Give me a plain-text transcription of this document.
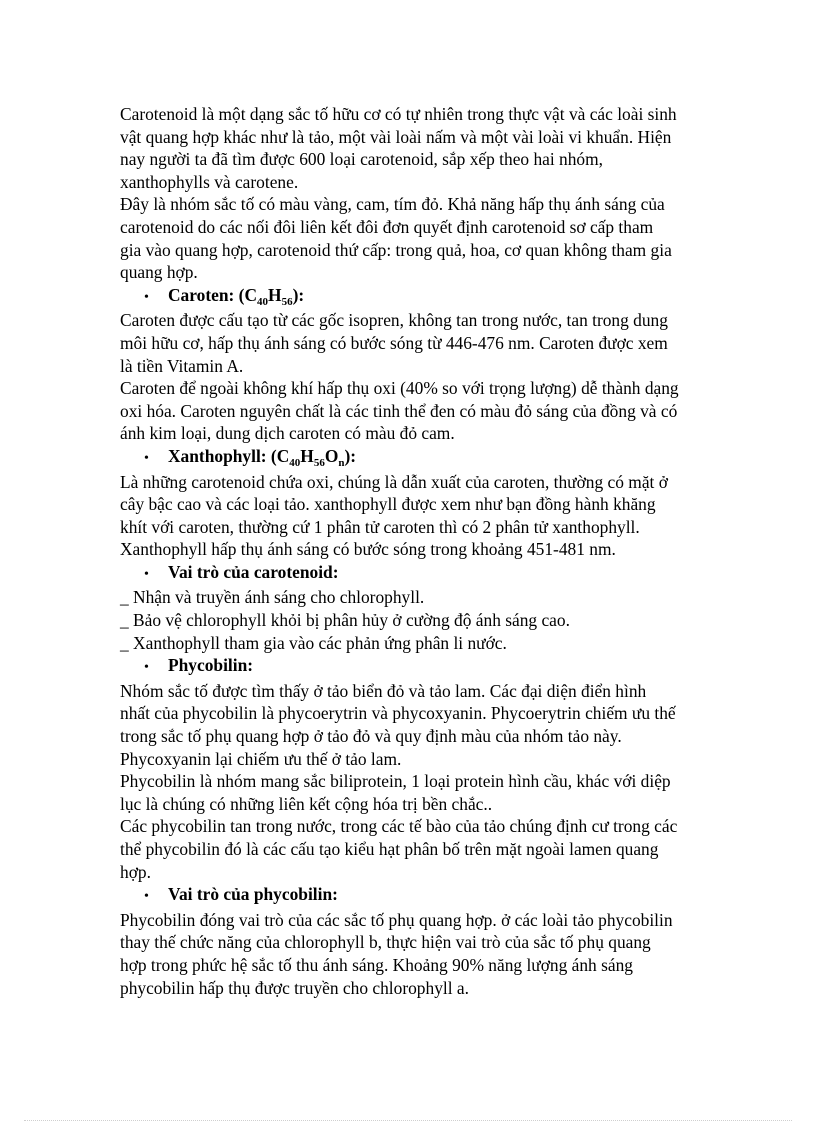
Carotenoid là một dạng sắc tố hữu cơ có tự nhiên trong thực vật và các loài sinh
vật quang hợp khác như là tảo, một vài loài nấm và một vài loài vi khuẩn. Hiện
nay người ta đã tìm được 600 loại carotenoid, sắp xếp theo hai nhóm,
xanthophylls và carotene.
Đây là nhóm sắc tố có màu vàng, cam, tím đỏ. Khả năng hấp thụ ánh sáng của
carotenoid do các nối đôi liên kết đôi đơn quyết định carotenoid sơ cấp tham
gia vào quang hợp, carotenoid thứ cấp: trong quả, hoa, cơ quan không tham gia
quang hợp.
• Caroten: $(C_{40}H_{56})$:
Caroten được cấu tạo từ các gốc isopren, không tan trong nước, tan trong dung
môi hữu cơ, hấp thụ ánh sáng có bước sóng từ 446-476 nm. Caroten được xem
là tiền Vitamin A.
Caroten để ngoài không khí hấp thụ oxi (40% so với trọng lượng) dễ thành dạng
oxi hóa. Caroten nguyên chất là các tinh thể đen có màu đỏ sáng của đồng và có
ánh kim loại, dung dịch caroten có màu đỏ cam.
• Xanthophyll: $(C_{40}H_{56}O_n)$:
Là những carotenoid chứa oxi, chúng là dẫn xuất của caroten, thường có mặt ở
cây bậc cao và các loại tảo. xanthophyll được xem như bạn đồng hành khăng
khít với caroten, thường cứ 1 phân tử caroten thì có 2 phân tử xanthophyll.
Xanthophyll hấp thụ ánh sáng có bước sóng trong khoảng 451-481 nm.
• Vai trò của carotenoid:
_ Nhận và truyền ánh sáng cho chlorophyll.
_ Bảo vệ chlorophyll khỏi bị phân hủy ở cường độ ánh sáng cao.
_ Xanthophyll tham gia vào các phản ứng phân li nước.
• Phycobilin:
Nhóm sắc tố được tìm thấy ở tảo biển đỏ và tảo lam. Các đại diện điển hình
nhất của phycobilin là phycoerytrin và phycoxyanin. Phycoerytrin chiếm ưu thế
trong sắc tố phụ quang hợp ở tảo đỏ và quy định màu của nhóm tảo này.
Phycoxyanin lại chiếm ưu thế ở tảo lam.
Phycobilin là nhóm mang sắc biliprotein, 1 loại protein hình cầu, khác với diệp
lục là chúng có những liên kết cộng hóa trị bền chắc..
Các phycobilin tan trong nước, trong các tế bào của tảo chúng định cư trong các
thể phycobilin đó là các cấu tạo kiểu hạt phân bố trên mặt ngoài lamen quang
hợp.
• Vai trò của phycobilin:
Phycobilin đóng vai trò của các sắc tố phụ quang hợp. ở các loài tảo phycobilin
thay thế chức năng của chlorophyll b, thực hiện vai trò của sắc tố phụ quang
hợp trong phức hệ sắc tố thu ánh sáng. Khoảng 90% năng lượng ánh sáng
phycobilin hấp thụ được truyền cho chlorophyll a.
